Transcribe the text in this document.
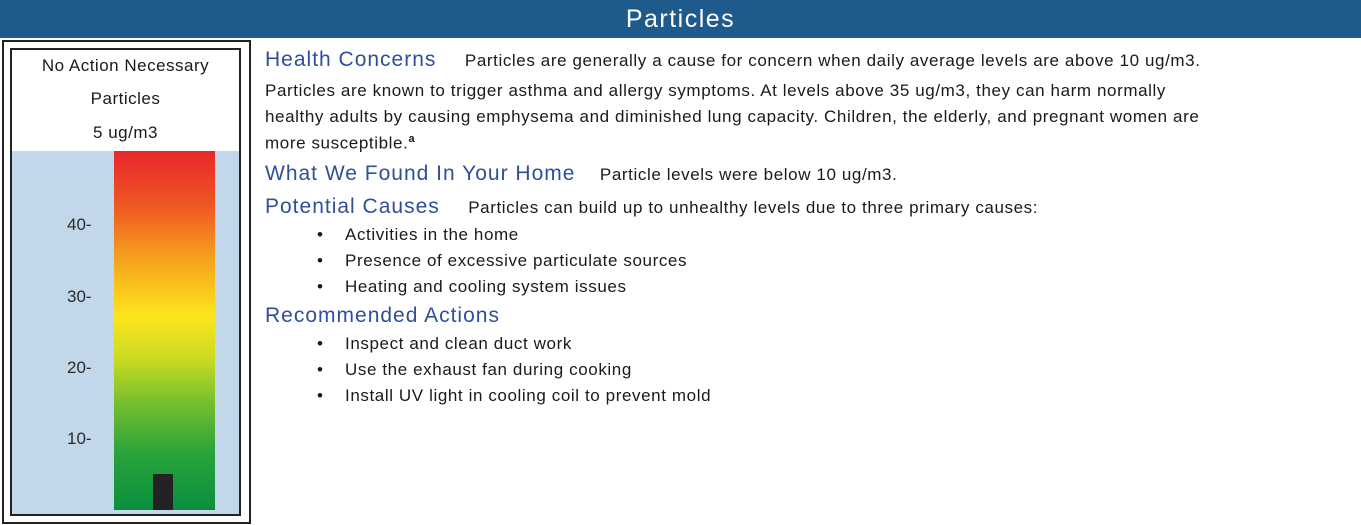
Particles
No Action Necessary
Particles
5 ug/m3
40-
30-
20-
10-
Health Concerns Particles are generally a cause for concern when daily average levels are above 10 ug/m3.
Particles are known to trigger asthma and allergy symptoms. At levels above 35 ug/m3, they can harm normally
healthy adults by causing emphysema and diminished lung capacity. Children, the elderly, and pregnant women are
more susceptible.$^a$
What We Found In Your Home Particle levels were below 10 ug/m3.
Potential Causes Particles can build up to unhealthy levels due to three primary causes:
• Activities in the home
• Presence of excessive particulate sources
• Heating and cooling system issues
Recommended Actions
• Inspect and clean duct work
• Use the exhaust fan during cooking
• Install UV light in cooling coil to prevent mold
